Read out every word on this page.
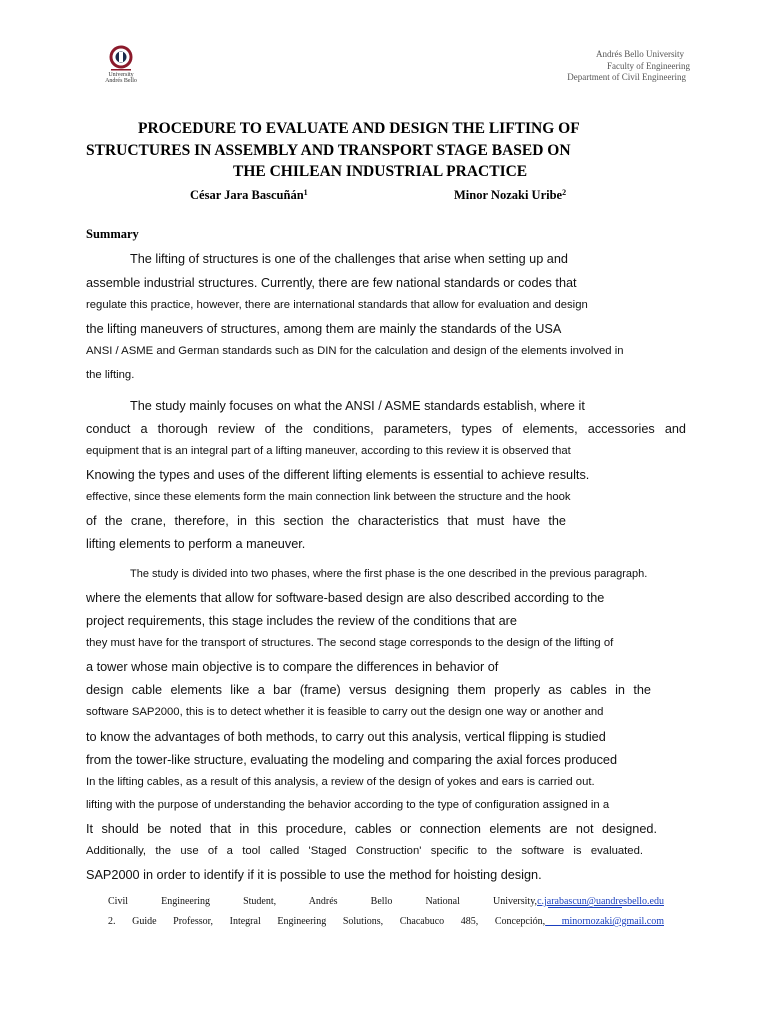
University
Andrés Bello
Andrés Bello University
Faculty of Engineering
Department of Civil Engineering
PROCEDURE TO EVALUATE AND DESIGN THE LIFTING OF
STRUCTURES IN ASSEMBLY AND TRANSPORT STAGE BASED ON
THE CHILEAN INDUSTRIAL PRACTICE
César Jara Bascuñán$^1$	Minor Nozaki Uribe$^2$
Summary
The lifting of structures is one of the challenges that arise when setting up and
assemble industrial structures. Currently, there are few national standards or codes that
regulate this practice, however, there are international standards that allow for evaluation and design
the lifting maneuvers of structures, among them are mainly the standards of the USA
ANSI / ASME and German standards such as DIN for the calculation and design of the elements involved in
the lifting.
The study mainly focuses on what the ANSI / ASME standards establish, where it
conduct a thorough review of the conditions, parameters, types of elements, accessories and
equipment that is an integral part of a lifting maneuver, according to this review it is observed that
Knowing the types and uses of the different lifting elements is essential to achieve results.
effective, since these elements form the main connection link between the structure and the hook
of the crane, therefore, in this section the characteristics that must have the
lifting elements to perform a maneuver.
The study is divided into two phases, where the first phase is the one described in the previous paragraph.
where the elements that allow for software-based design are also described according to the
project requirements, this stage includes the review of the conditions that are
they must have for the transport of structures. The second stage corresponds to the design of the lifting of
a tower whose main objective is to compare the differences in behavior of
design cable elements like a bar (frame) versus designing them properly as cables in the
software SAP2000, this is to detect whether it is feasible to carry out the design one way or another and
to know the advantages of both methods, to carry out this analysis, vertical flipping is studied
from the tower-like structure, evaluating the modeling and comparing the axial forces produced
In the lifting cables, as a result of this analysis, a review of the design of yokes and ears is carried out.
lifting with the purpose of understanding the behavior according to the type of configuration assigned in a
It should be noted that in this procedure, cables or connection elements are not designed.
Additionally, the use of a tool called 'Staged Construction' specific to the software is evaluated.
SAP2000 in order to identify if it is possible to use the method for hoisting design.
Civil Engineering Student, Andrés Bello National University,c.jarabascun@uandresbello.edu
2. Guide Professor, Integral Engineering Solutions, Chacabuco 485, Concepción, minornozaki@gmail.com
